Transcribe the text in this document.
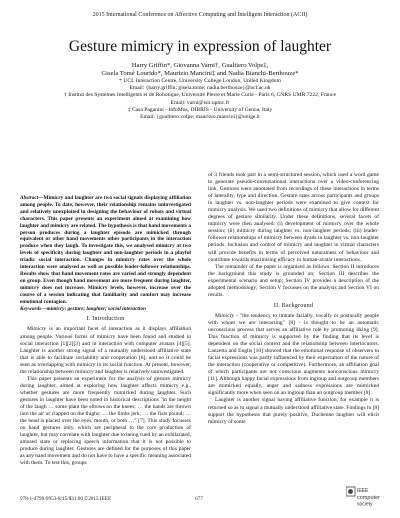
2015 International Conference on Affective Computing and Intelligent Interaction (ACII)
Gesture mimicry in expression of laughter
Harry Griffin*, Giovanna Varni†, Gualtiero Volpe‡,
Gisela Tomé Lourido*, Maurizio Mancini‡ and Nadia Bianchi-Berthouze*
* UCL Interaction Centre, University College London, United Kingdom
Email: {harry.griffin; gisela.tome; nadia.berthouze}@ucl.ac.uk
† Institut des Systèmes Intelligents et de Robotique, Université Pierre et Marie Curie - Paris 6, CNRS UMR 7222, France
Email: varni@isir.upmc.fr
‡ Casa Paganini - InfoMus, DIBRIS - University of Genoa, Italy
Email: {gualtiero.volpe; maurizio.mancini}@unige.it
Abstract—Mimicry and laughter are two social signals displaying affiliation among people. To date, however, their relationship remains uninvestigated and relatively unexploited in designing the behaviour of robots and virtual characters. This paper presents an experiment aimed at examining how laughter and mimicry are related. The hypothesis is that hand movements a person produces during a laughter episode are mimicked through equivalent or other hand movements other participants in the interaction produce when they laugh. To investigate this, we analysed mimicry at two levels of specificity during laughter and non-laughter periods in a playful triadic social interaction. Changes in mimicry rates over the whole interaction were analysed as well as possible leader-follower relationships. Results show that hand movement rates are varied and strongly dependent on group. Even though hand movement are more frequent during laughter, mimicry does not increase. Mimicry levels, however, increase over the course of a session indicating that familiarity and comfort may increase emotional contagion.
Keywords—mimicry; gesture; laughter; social interaction
I. Introduction

Mimicry is an important facet of interaction as it displays affiliation among people. Various forms of mimicry have been found and studied in social interaction [1][2][3] and in interaction with computer avatars [4][5]. Laughter is another strong signal of a mutually understood affiliative state that is able to facilitate sociability and cooperation [6], and so it could be seen as overlapping with mimicry in its social function. At present, however, the relationship between mimicry and laughter is relatively uninvestigated.

This paper presents an experiment for the analysis of gesture mimicry during laughter, aimed at exploring how laughter affects mimicry e.g., whether gestures are more frequently mimicked during laughter. Such gestures in laughter have been noted in historical descriptions "in the height of the laugh … some plant the elbows on the knees; … the hands are thrown into the air or clapped on the thighs; … the limbs jerk; … the fists pound; … the head is placed over the eyes, mouth, or both …" [7]. This study focusses on hand gestures only, which are peripheral to the core production of laughter, but may correlate with laughter due to being cued by an exhilarated, amused state or replacing speech information that it is not possible to produce during laughter. Gestures are defined for the purposes of this paper as any hand movement and do not have to have a specific meaning associated with them. To test this, groups

of 3 friends took part in a semi-structured session, which used a word game to generate pseudo-conversational interactions over a video-conferencing link. Gestures were annotated from recordings of these interactions in terms of laterality, type and direction. Gesture rates across participants and groups in laughter vs. non-laughter periods were examined to give context for mimicry analysis. We used two definitions of mimicry that allow for different degrees of gesture similarity. Under these definitions, several facets of mimicry were then analysed: (i) development of mimicry over the whole session; (ii) mimicry during laughter vs. non-laughter periods; (iii) leader-follower relationships of mimicry between dyads in laughter vs. non-laughter periods. Inclusion and control of mimicry and laughter in virtual characters will provide benefits in terms of perceived naturalness of behaviour and contribute towards maximising efficacy in human-avatar interactions.

The remainder of the paper is organised as follows: Section II introduces the background this study is grounded on; Section III describes the experimental scenario and setup; Section IV provides a description of the adopted methodology; Section V focusses on the analysis and Section VI on results.

II. Background

Mimicry - "the tendency to imitate facially, vocally or posturally people with whom we are interacting" [8] - is thought to be an automatic unconscious process that serves an affiliative role by promoting liking [9]. This function of mimicry is supported by the finding that its level is dependent on the social context and the relationship between interlocutors. Lanzetta and Englis [10] showed that the emotional response of observers to facial expressions was partly influenced by their expectation of the nature of the interaction (cooperative or competitive). Furthermore, an affiliation goal of which participants are not conscious augments nonconscious mimicry [11]. Although happy facial expressions from ingroup and outgroup members are mimicked equally, anger and sadness expressions are mimicked significantly more when seen on an ingroup than an outgroup member [8].

Laughter is another signal having affiliative function, for example it is returned so as to signal a mutually understood affiliative state. Findings in [8] support the hypothesis that purely positive, Duchenne laughter will elicit mimicry of some

978-1-4799-9953-8/15/$31.00 ©2015 IEEE	677
IEEE
computer
society
